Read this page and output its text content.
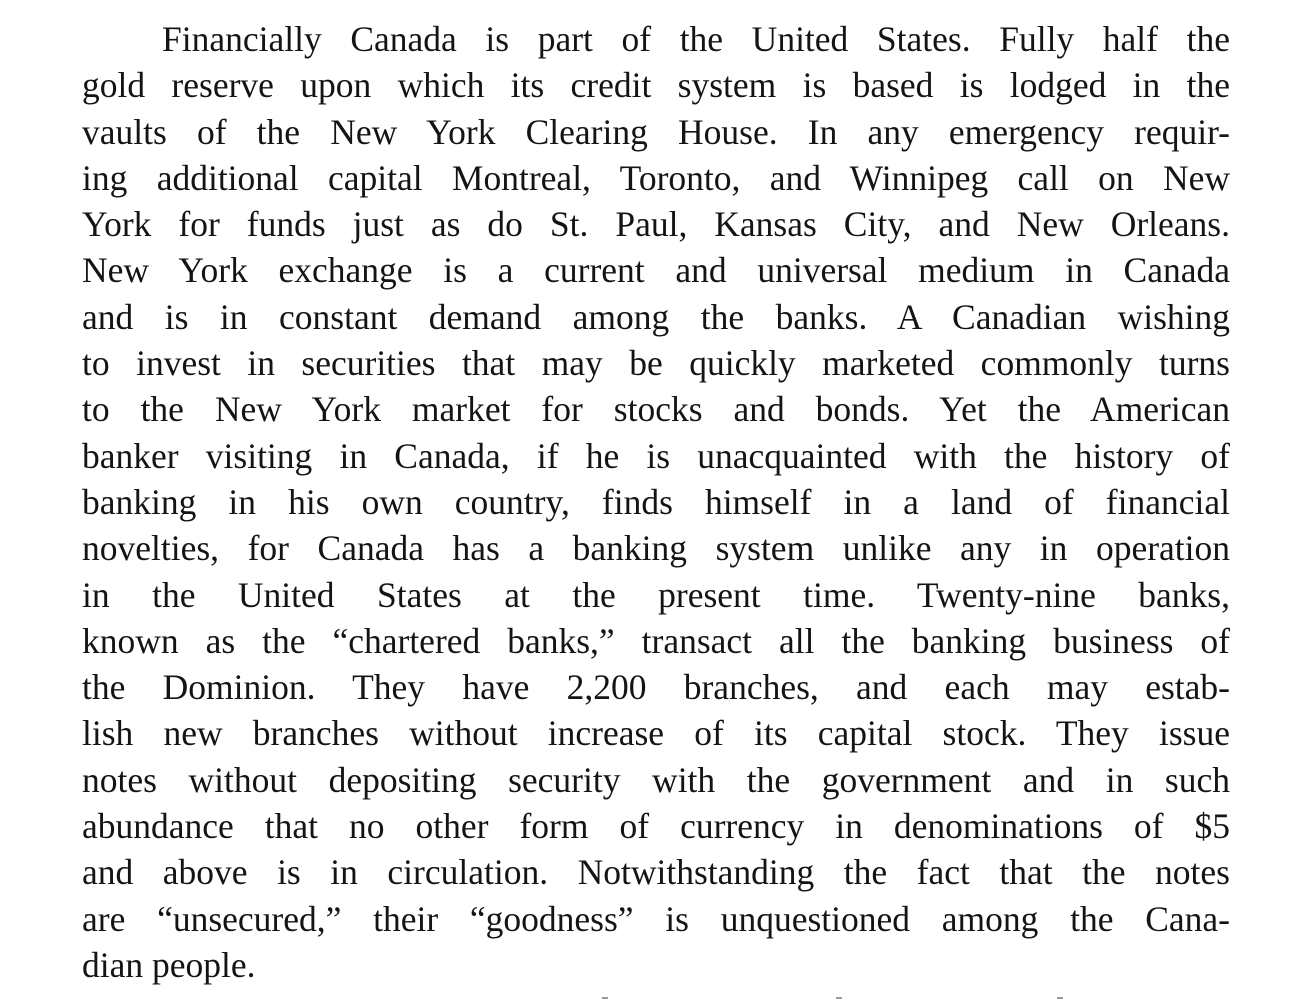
Financially Canada is part of the United States. Fully half the
gold reserve upon which its credit system is based is lodged in the
vaults of the New York Clearing House. In any emergency requir-
ing additional capital Montreal, Toronto, and Winnipeg call on New
York for funds just as do St. Paul, Kansas City, and New Orleans.
New York exchange is a current and universal medium in Canada
and is in constant demand among the banks. A Canadian wishing
to invest in securities that may be quickly marketed commonly turns
to the New York market for stocks and bonds. Yet the American
banker visiting in Canada, if he is unacquainted with the history of
banking in his own country, finds himself in a land of financial
novelties, for Canada has a banking system unlike any in operation
in the United States at the present time. Twenty-nine banks,
known as the “chartered banks,” transact all the banking business of
the Dominion. They have 2,200 branches, and each may estab-
lish new branches without increase of its capital stock. They issue
notes without depositing security with the government and in such
abundance that no other form of currency in denominations of $5
and above is in circulation. Notwithstanding the fact that the notes
are “unsecured,” their “goodness” is unquestioned among the Cana-
dian people.
